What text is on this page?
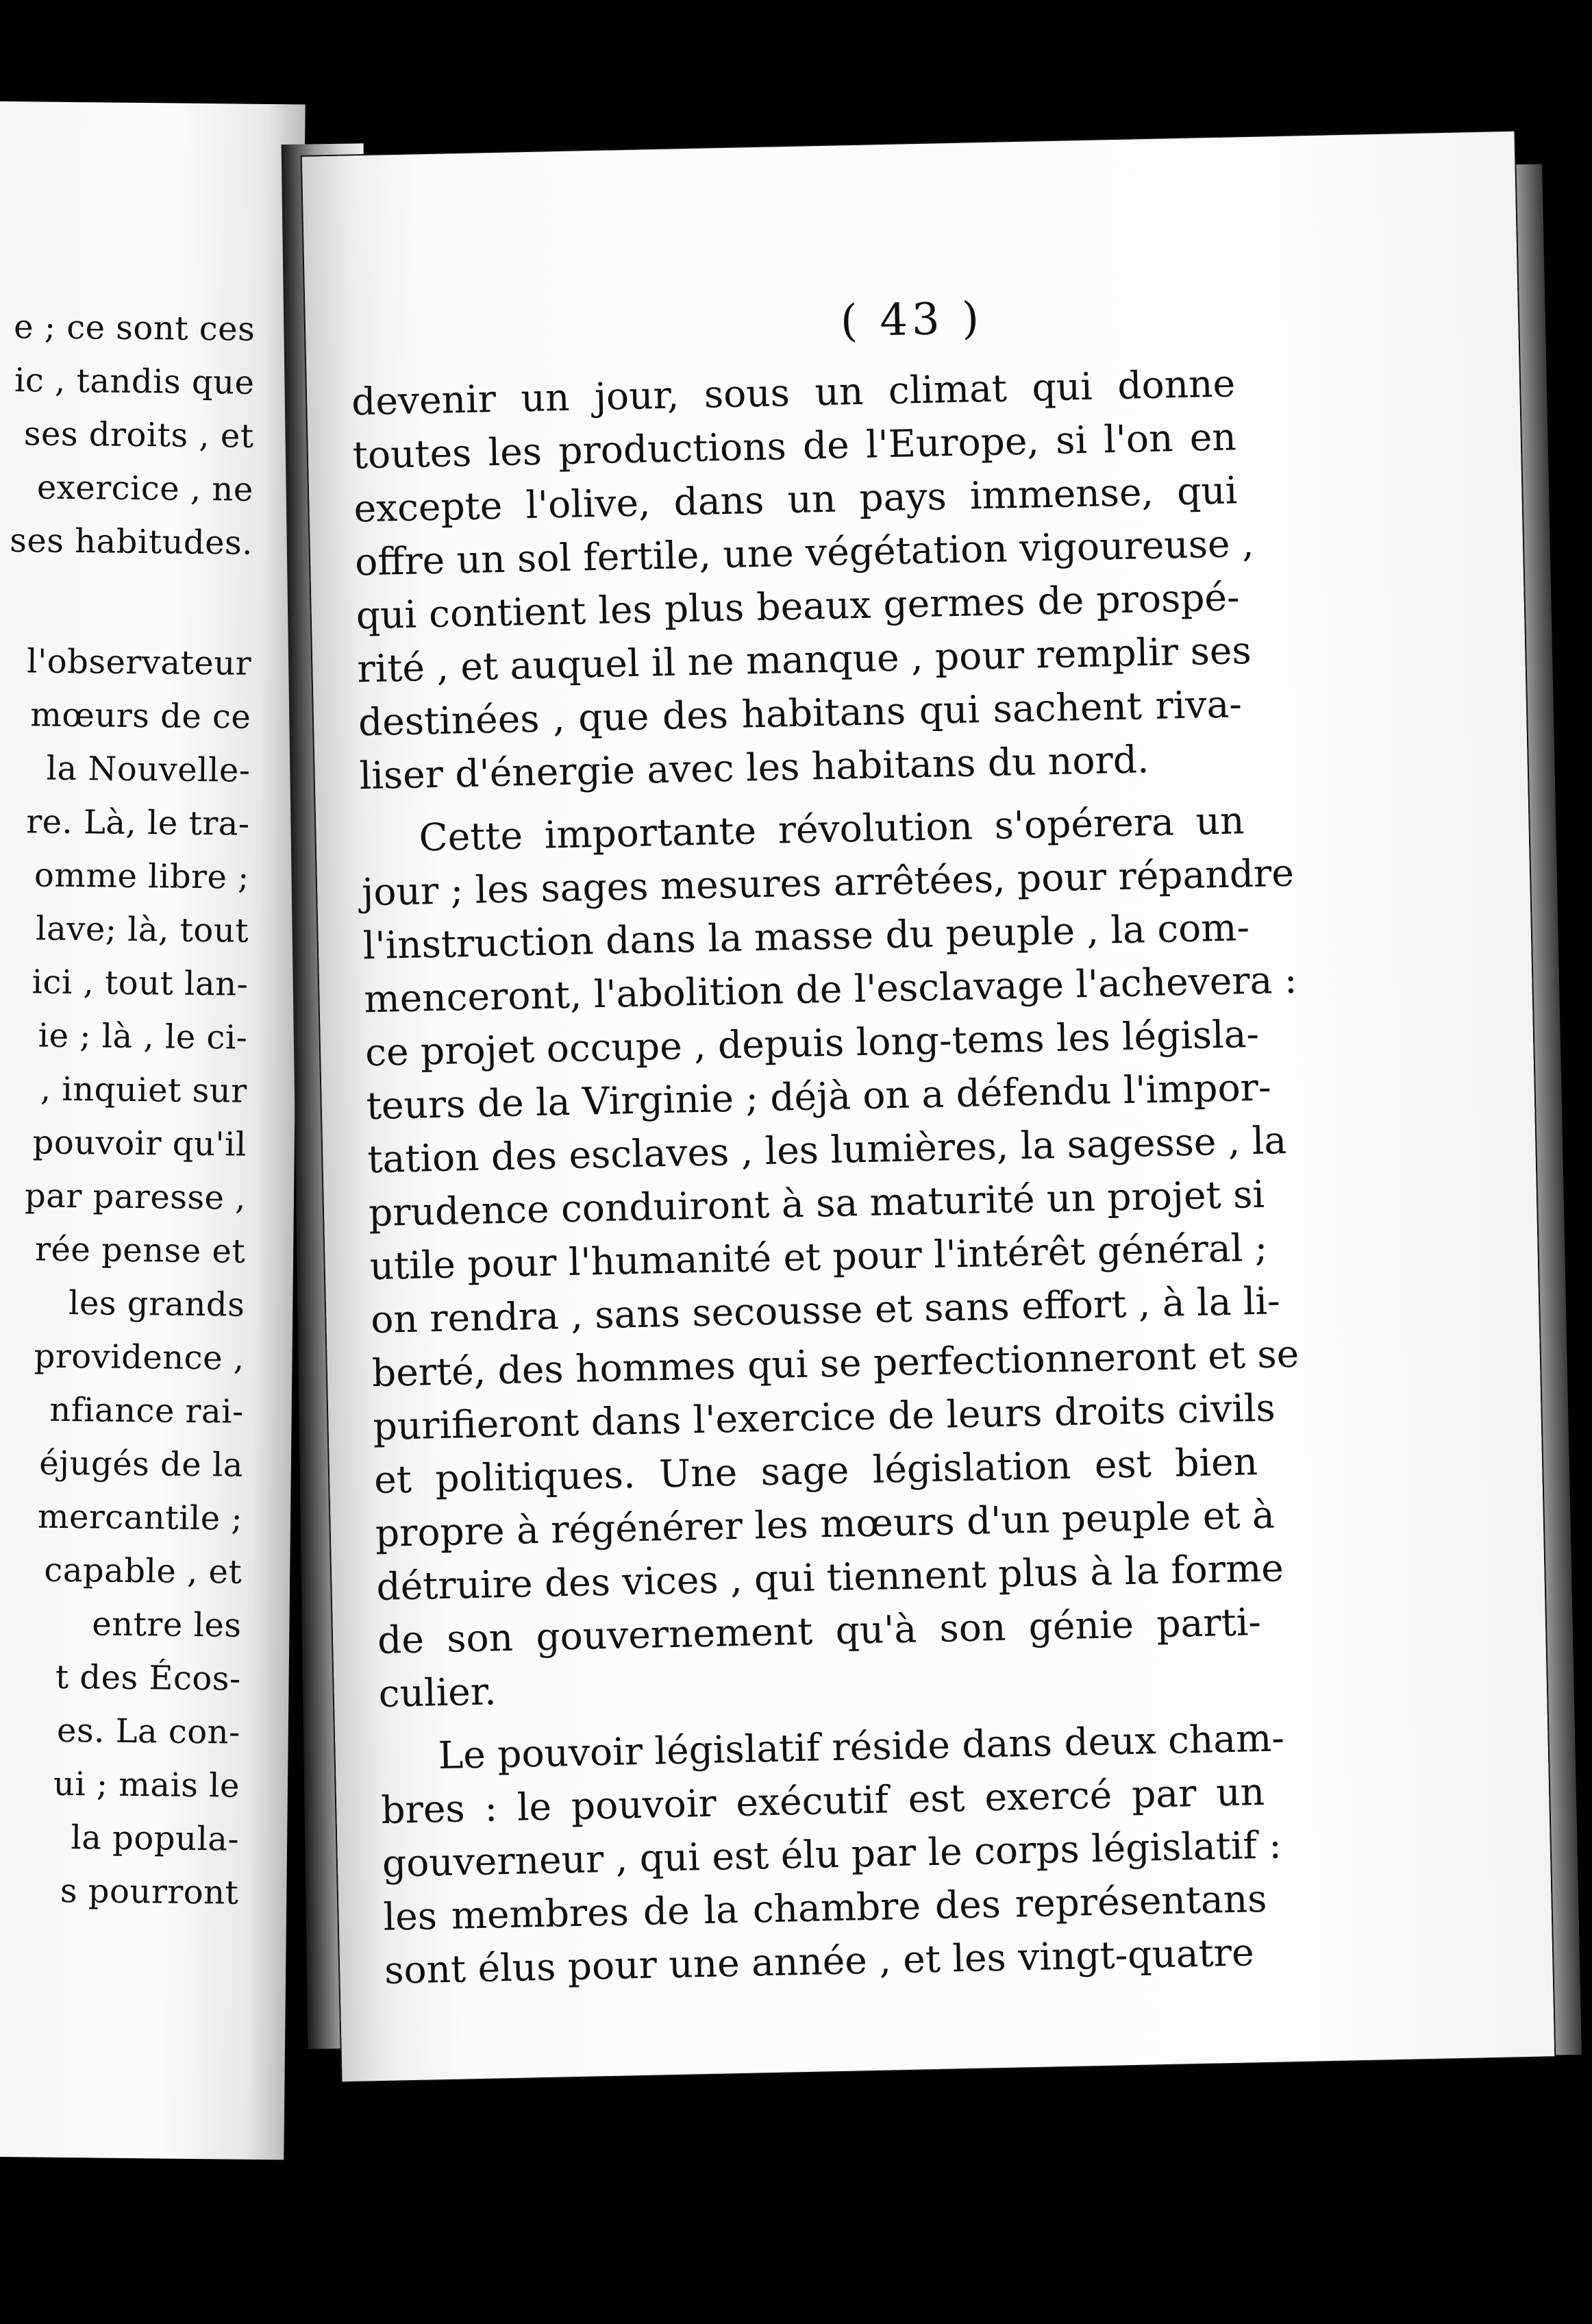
e ; ce sont ces
ic , tandis que
ses droits , et
exercice , ne
ses habitudes.
l'observateur
mœurs de ce
la Nouvelle-
re. Là, le tra-
omme libre ;
lave; là, tout
ici , tout lan-
ie ; là , le ci-
, inquiet sur
pouvoir qu'il
par paresse ,
rée pense et
les grands
providence ,
nfiance rai-
éjugés de la
mercantile ;
capable , et
entre les
t des Écos-
es. La con-
ui ; mais le
la popula-
s pourront
( 43 )
devenir un jour, sous un climat qui donne
toutes les productions de l'Europe, si l'on en
excepte l'olive, dans un pays immense, qui
offre un sol fertile, une végétation vigoureuse ,
qui contient les plus beaux germes de prospé-
rité , et auquel il ne manque , pour remplir ses
destinées , que des habitans qui sachent riva-
liser d'énergie avec les habitans du nord.
Cette importante révolution s'opérera un
jour ; les sages mesures arrêtées, pour répandre
l'instruction dans la masse du peuple , la com-
menceront, l'abolition de l'esclavage l'achevera :
ce projet occupe , depuis long-tems les législa-
teurs de la Virginie ; déjà on a défendu l'impor-
tation des esclaves , les lumières, la sagesse , la
prudence conduiront à sa maturité un projet si
utile pour l'humanité et pour l'intérêt général ;
on rendra , sans secousse et sans effort , à la li-
berté, des hommes qui se perfectionneront et se
purifieront dans l'exercice de leurs droits civils
et politiques. Une sage législation est bien
propre à régénérer les mœurs d'un peuple et à
détruire des vices , qui tiennent plus à la forme
de son gouvernement qu'à son génie parti-
culier.
Le pouvoir législatif réside dans deux cham-
bres : le pouvoir exécutif est exercé par un
gouverneur , qui est élu par le corps législatif :
les membres de la chambre des représentans
sont élus pour une année , et les vingt-quatre
